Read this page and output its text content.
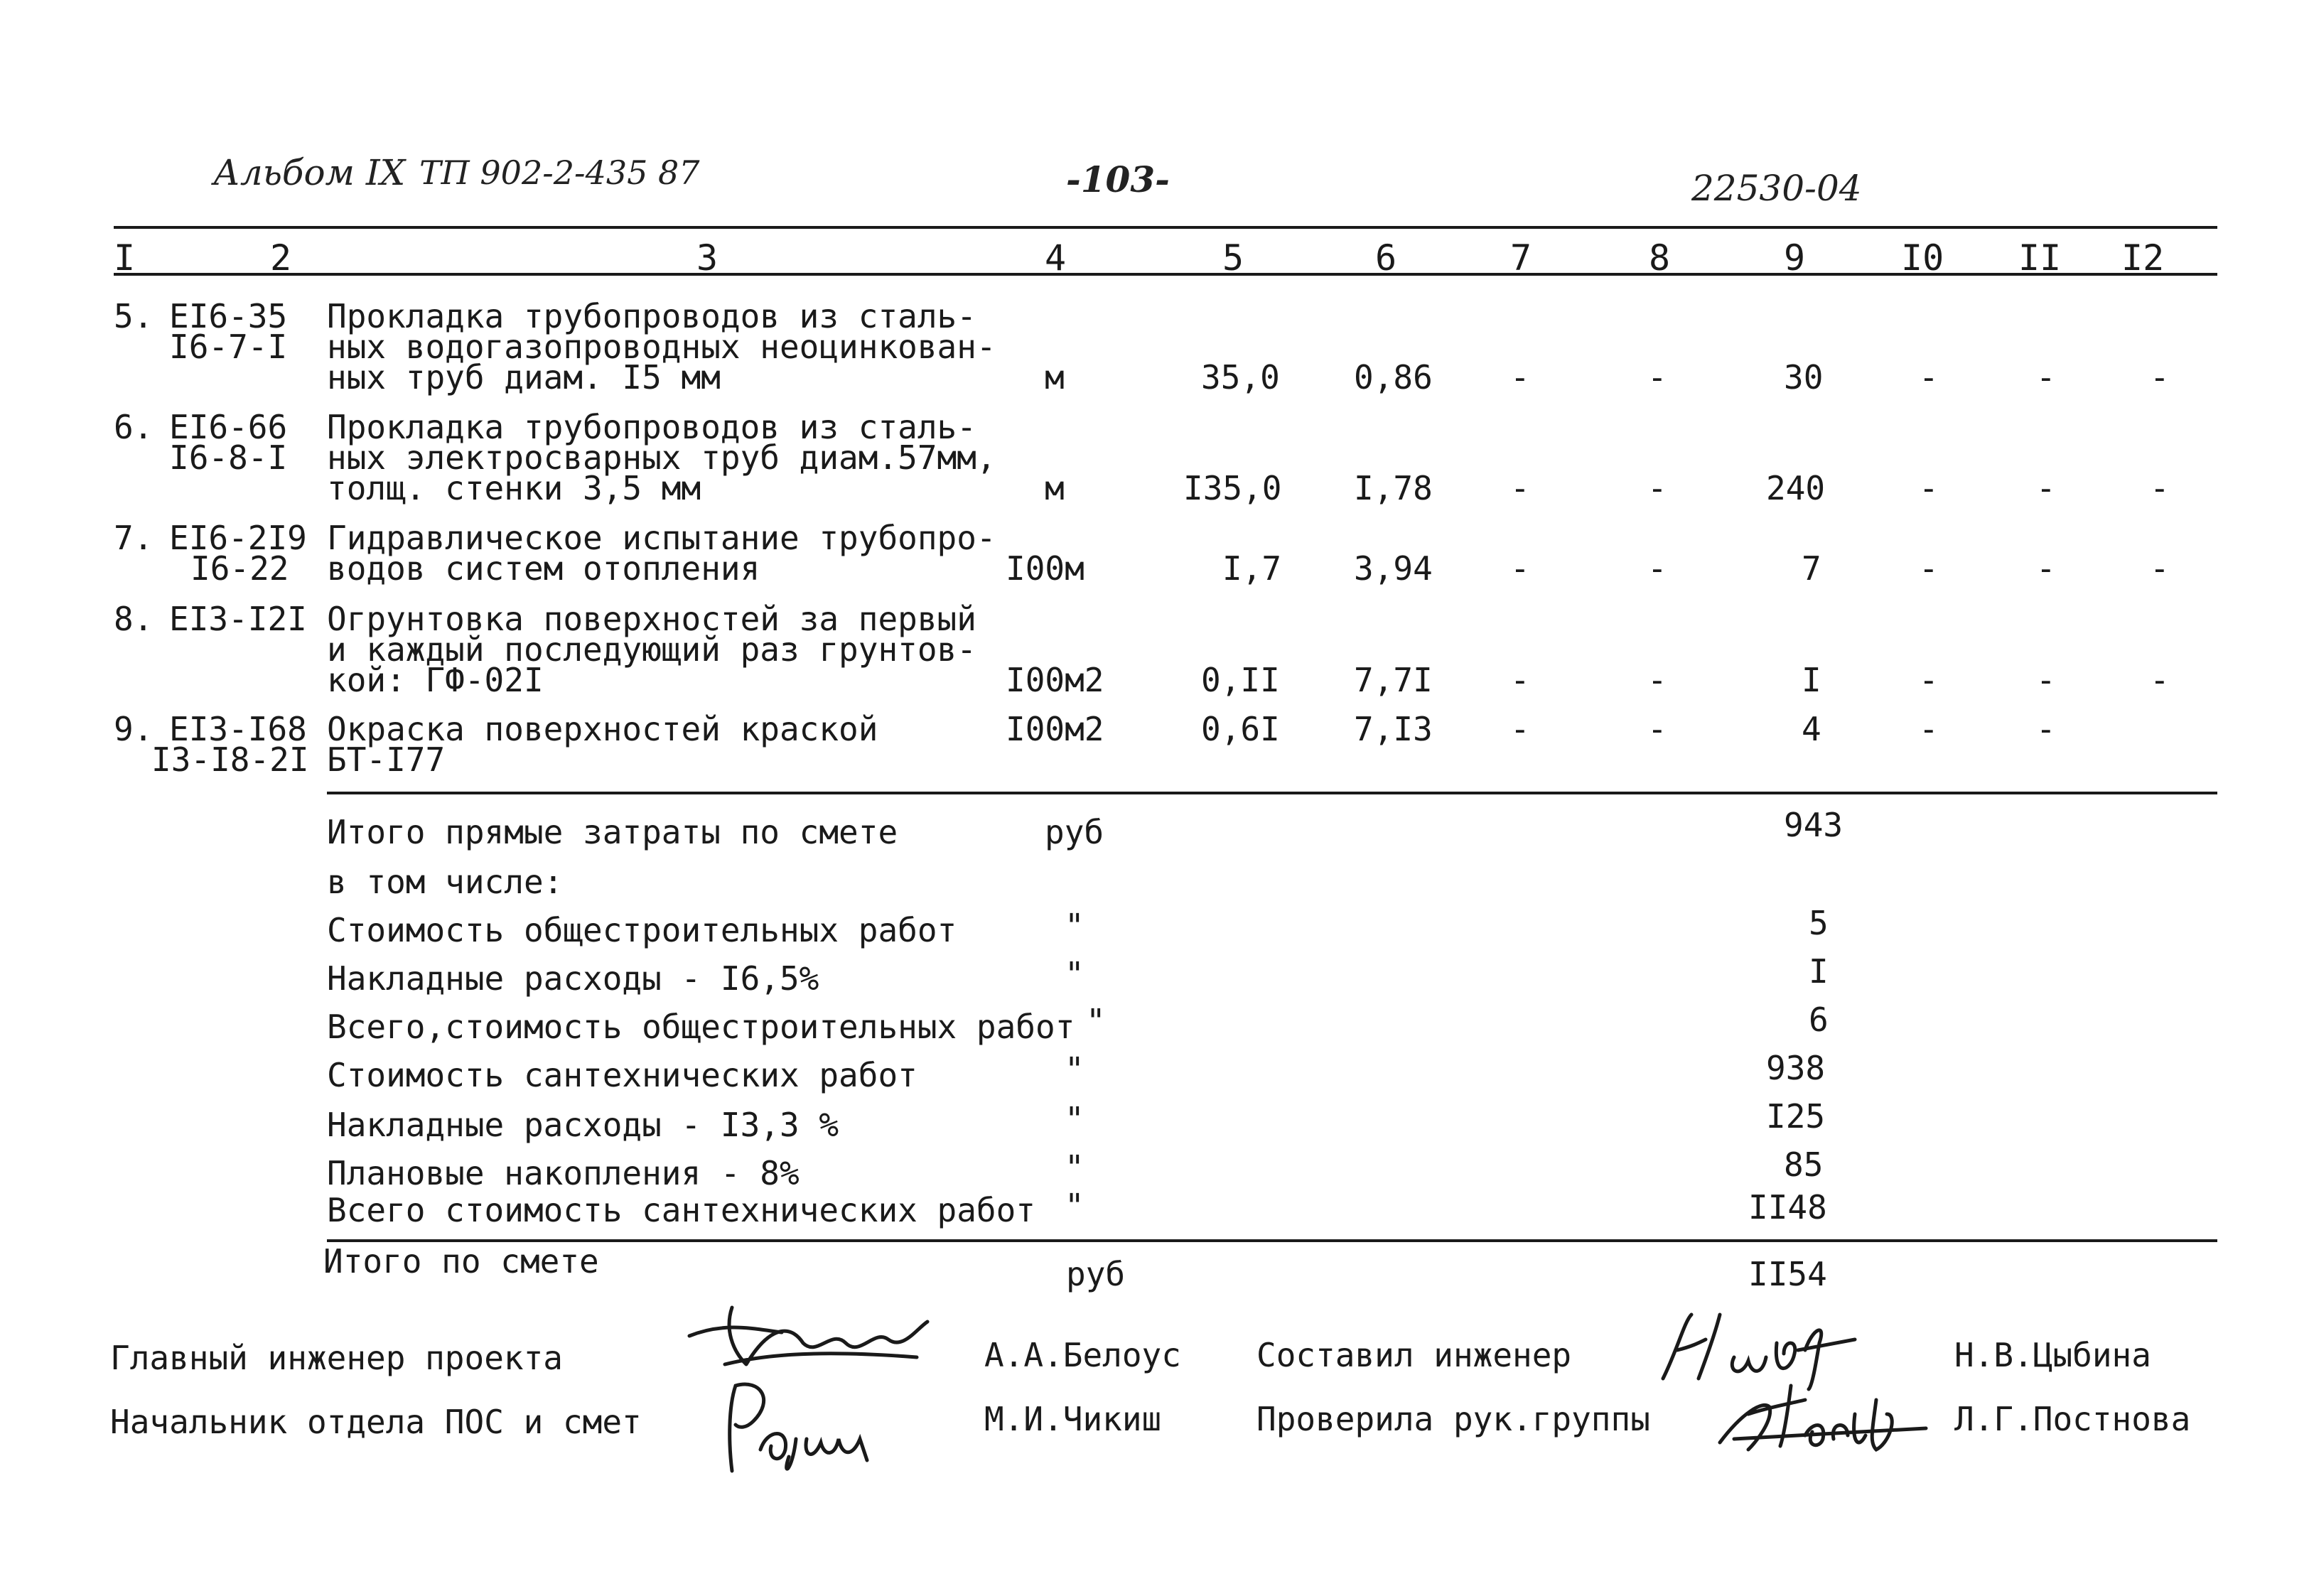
Альбом IX ТП 902-2-435 87	-103-	22530-04
I	2	3	4	5	6	7	8	9	I0 II I2
5. EI6-35
I6-7-I
Прокладка трубопроводов из сталь-
ных водогазопроводных неоцинкован-
ных труб диам. I5 мм	м	35,0 0,86 -	-	30	-	-	-
6. EI6-66
I6-8-I
Прокладка трубопроводов из сталь-
ных электросварных труб диам.57мм,
толщ. стенки 3,5 мм	м	I35,0 I,78 -	-	240	-	-	-
7. EI6-2I9
I6-22
Гидравлическое испытание трубопро-
водов систем отопления	I00м	I,7 3,94 -	-	7	-	-	-
8. EI3-I2I Огрунтовка поверхностей за первый
и каждый последующий раз грунтов-
кой: ГФ-02I	I00м2	0,II 7,7I -	-	I	-	-	-
9. EI3-I68
I3-I8-2I
Окраска поверхностей краской
БТ-I77
I00м2	0,6I 7,I3 -	-	4	-	-
Итого прямые затраты по смете	руб	943
в том числе:
Стоимость общестроительных работ	"	5
Накладные расходы - I6,5%	"	I
Всего,стоимость общестроительных работ "	6
Стоимость сантехнических работ	"	938
Накладные расходы - I3,3 %	"	I25
Плановые накопления - 8%	"	85
Всего стоимость сантехнических работ "	II48
Итого по смете	руб	II54
Главный инженер проекта	А.А.Белоус
Начальник отдела ПОС и смет	М.И.Чикиш
Составил инженер	Н.В.Цыбина
Проверила рук.группы	Л.Г.Постнова
